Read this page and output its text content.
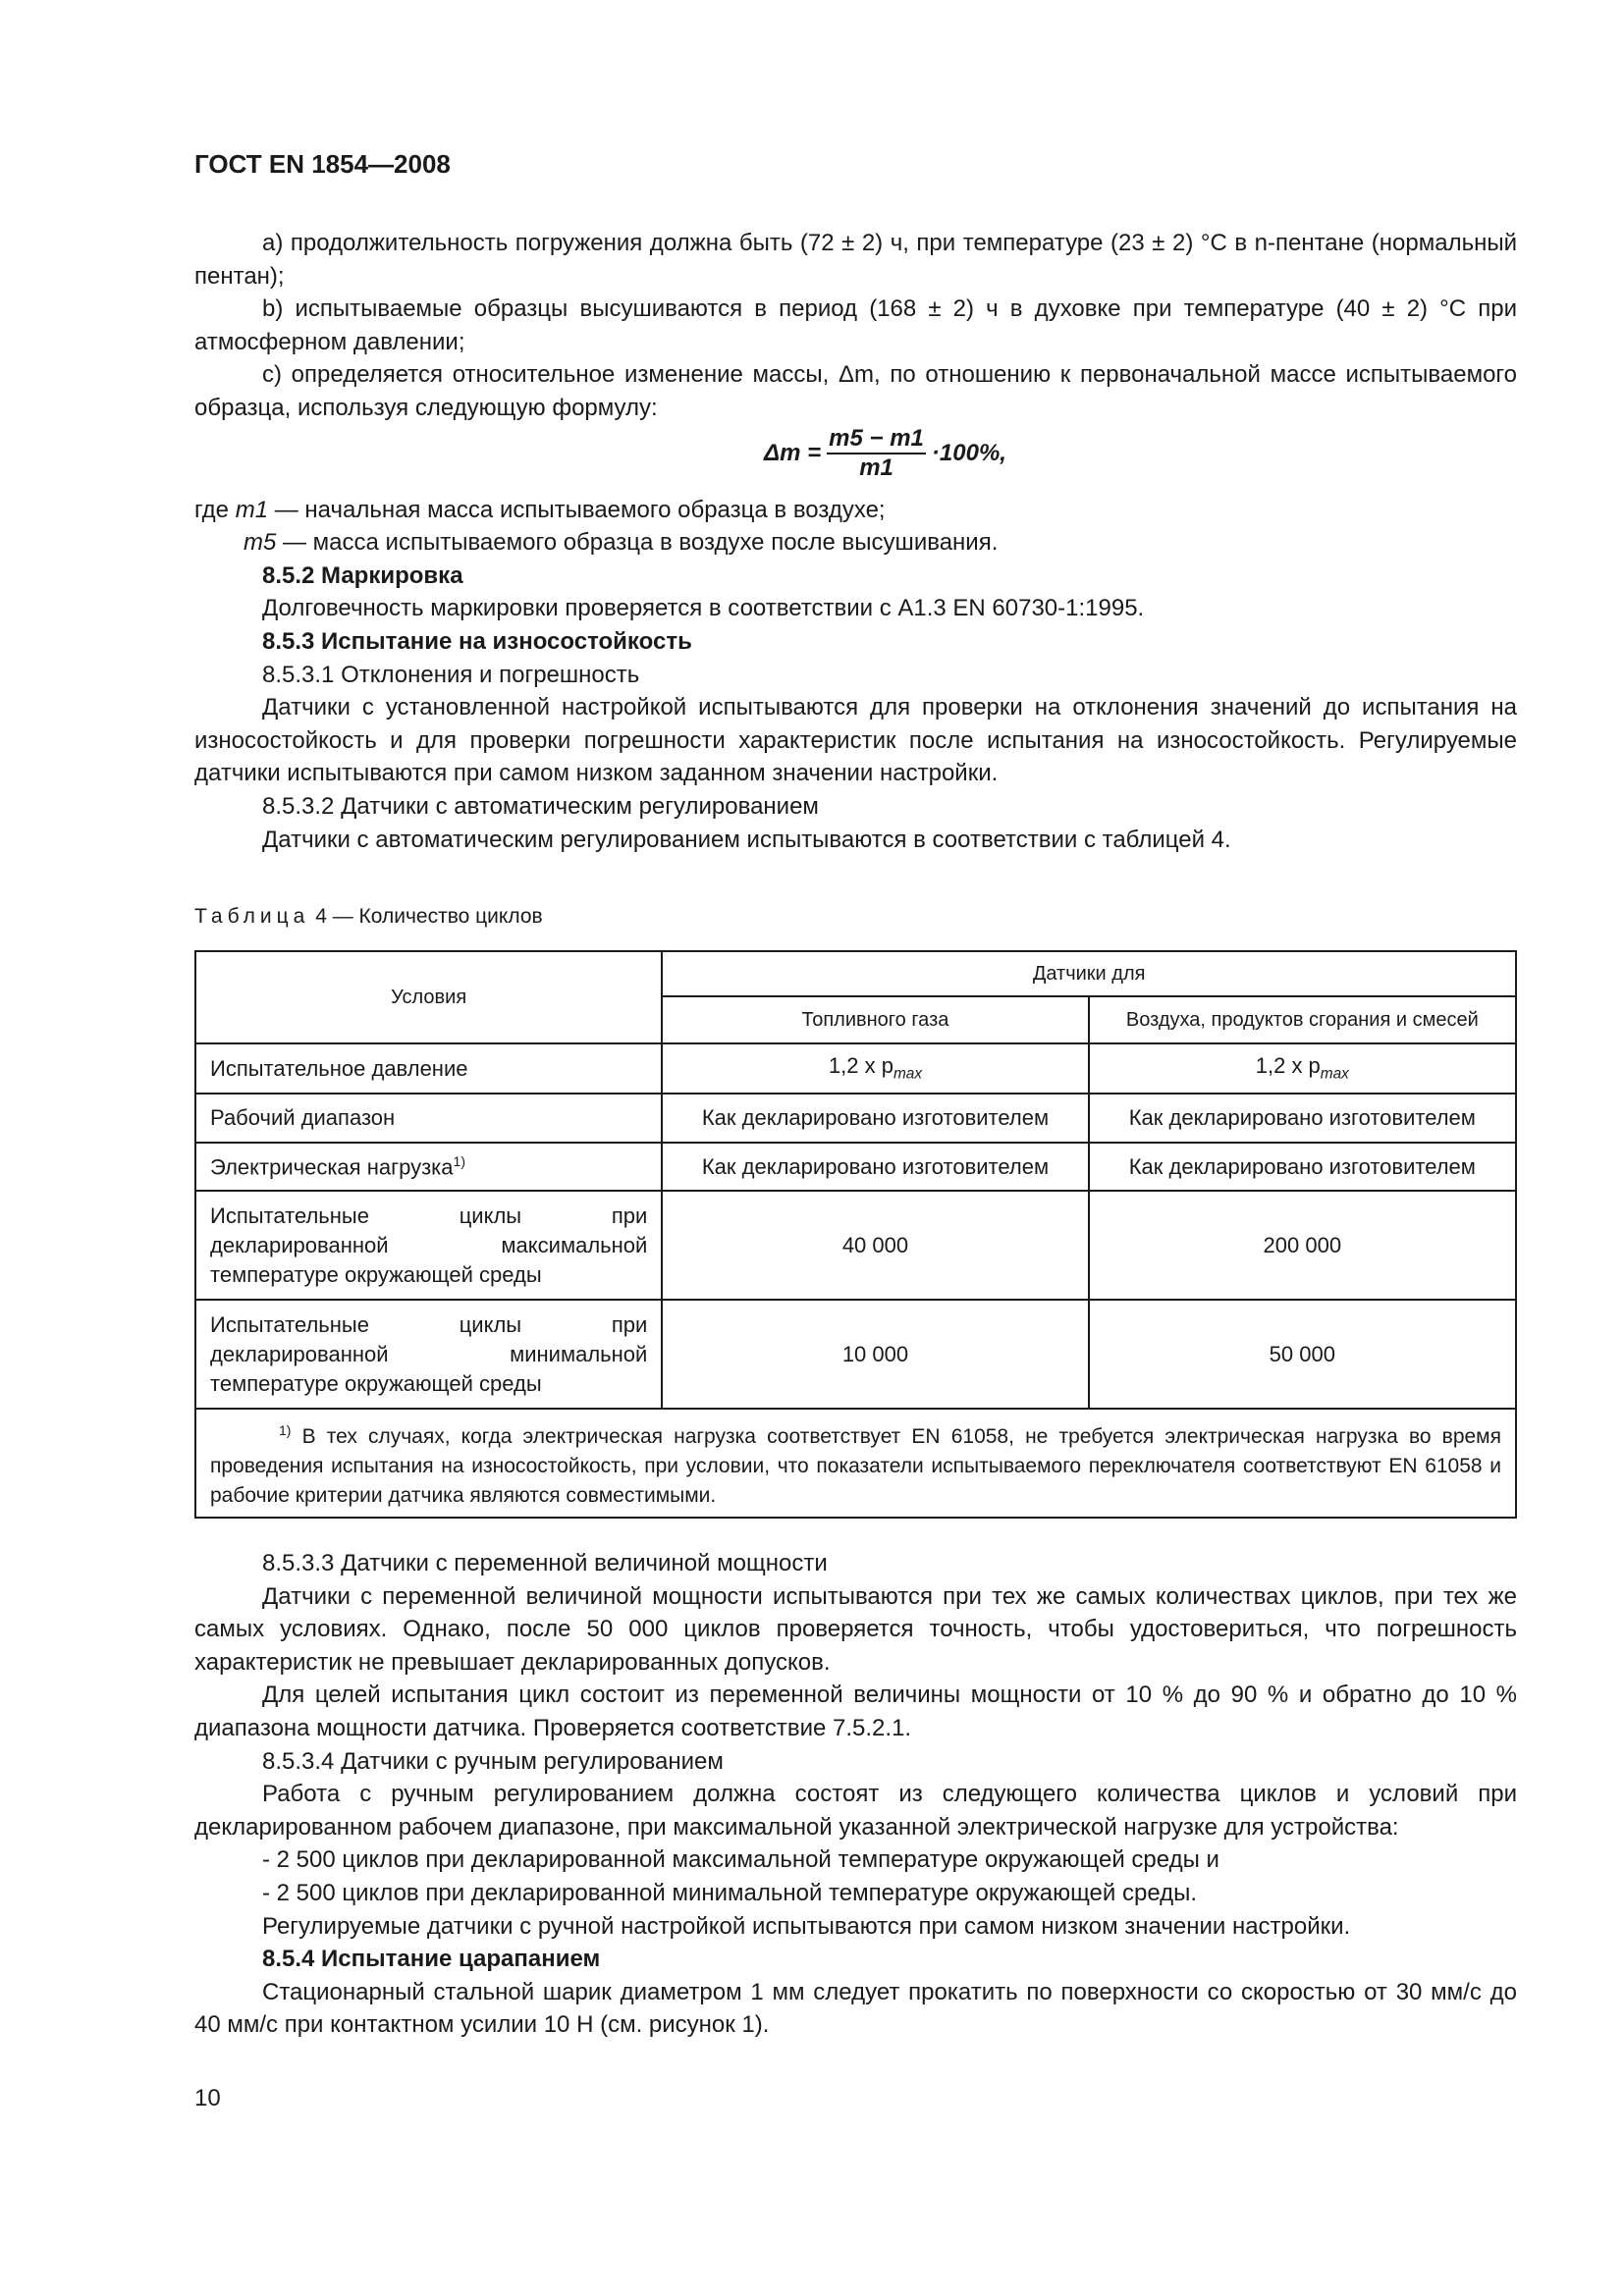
ГОСТ EN 1854—2008

а) продолжительность погружения должна быть (72 ± 2) ч, при температуре (23 ± 2) °С в n-пентане (нормальный пентан);

b) испытываемые образцы высушиваются в период (168 ± 2) ч в духовке при температуре (40 ± 2) °С при атмосферном давлении;

с) определяется относительное изменение массы, Δm, по отношению к первоначальной массе испытываемого образца, используя следующую формулу:

$\Delta m = \frac{m5 - m1}{m1} \cdot 100\%$,

где m1 — начальная масса испытываемого образца в воздухе;

m5 — масса испытываемого образца в воздухе после высушивания.

8.5.2 Маркировка

Долговечность маркировки проверяется в соответствии с А1.3 EN 60730-1:1995.

8.5.3 Испытание на износостойкость

8.5.3.1 Отклонения и погрешность

Датчики с установленной настройкой испытываются для проверки на отклонения значений до испытания на износостойкость и для проверки погрешности характеристик после испытания на износостойкость. Регулируемые датчики испытываются при самом низком заданном значении настройки.

8.5.3.2 Датчики с автоматическим регулированием

Датчики с автоматическим регулированием испытываются в соответствии с таблицей 4.

Таблица 4 — Количество циклов
Условия	Датчики для	
	Топливного газа	Воздуха, продуктов сгорания и смесей
Испытательное давление	1,2 x $p_{max}$	1,2 x $p_{max}$
Рабочий диапазон	Как декларировано изготовителем	Как декларировано изготовителем
Электрическая нагрузка$^{1)}$	Как декларировано изготовителем	Как декларировано изготовителем
Испытательные циклы при декларированной максимальной температуре окружающей среды	40 000	200 000
Испытательные циклы при декларированной минимальной температуре окружающей среды	10 000	50 000
$^{1)}$ В тех случаях, когда электрическая нагрузка соответствует EN 61058, не требуется электрическая нагрузка во время проведения испытания на износостойкость, при условии, что показатели испытываемого переключателя соответствуют EN 61058 и рабочие критерии датчика являются совместимыми.		

8.5.3.3 Датчики с переменной величиной мощности

Датчики с переменной величиной мощности испытываются при тех же самых количествах циклов, при тех же самых условиях. Однако, после 50 000 циклов проверяется точность, чтобы удостовериться, что погрешность характеристик не превышает декларированных допусков.

Для целей испытания цикл состоит из переменной величины мощности от 10 % до 90 % и обратно до 10 % диапазона мощности датчика. Проверяется соответствие 7.5.2.1.

8.5.3.4 Датчики с ручным регулированием

Работа с ручным регулированием должна состоят из следующего количества циклов и условий при декларированном рабочем диапазоне, при максимальной указанной электрической нагрузке для устройства:

- 2 500 циклов при декларированной максимальной температуре окружающей среды и

- 2 500 циклов при декларированной минимальной температуре окружающей среды.

Регулируемые датчики с ручной настройкой испытываются при самом низком значении настройки.

8.5.4 Испытание царапанием

Стационарный стальной шарик диаметром 1 мм следует прокатить по поверхности со скоростью от 30 мм/с до 40 мм/с при контактном усилии 10 Н (см. рисунок 1).

10
